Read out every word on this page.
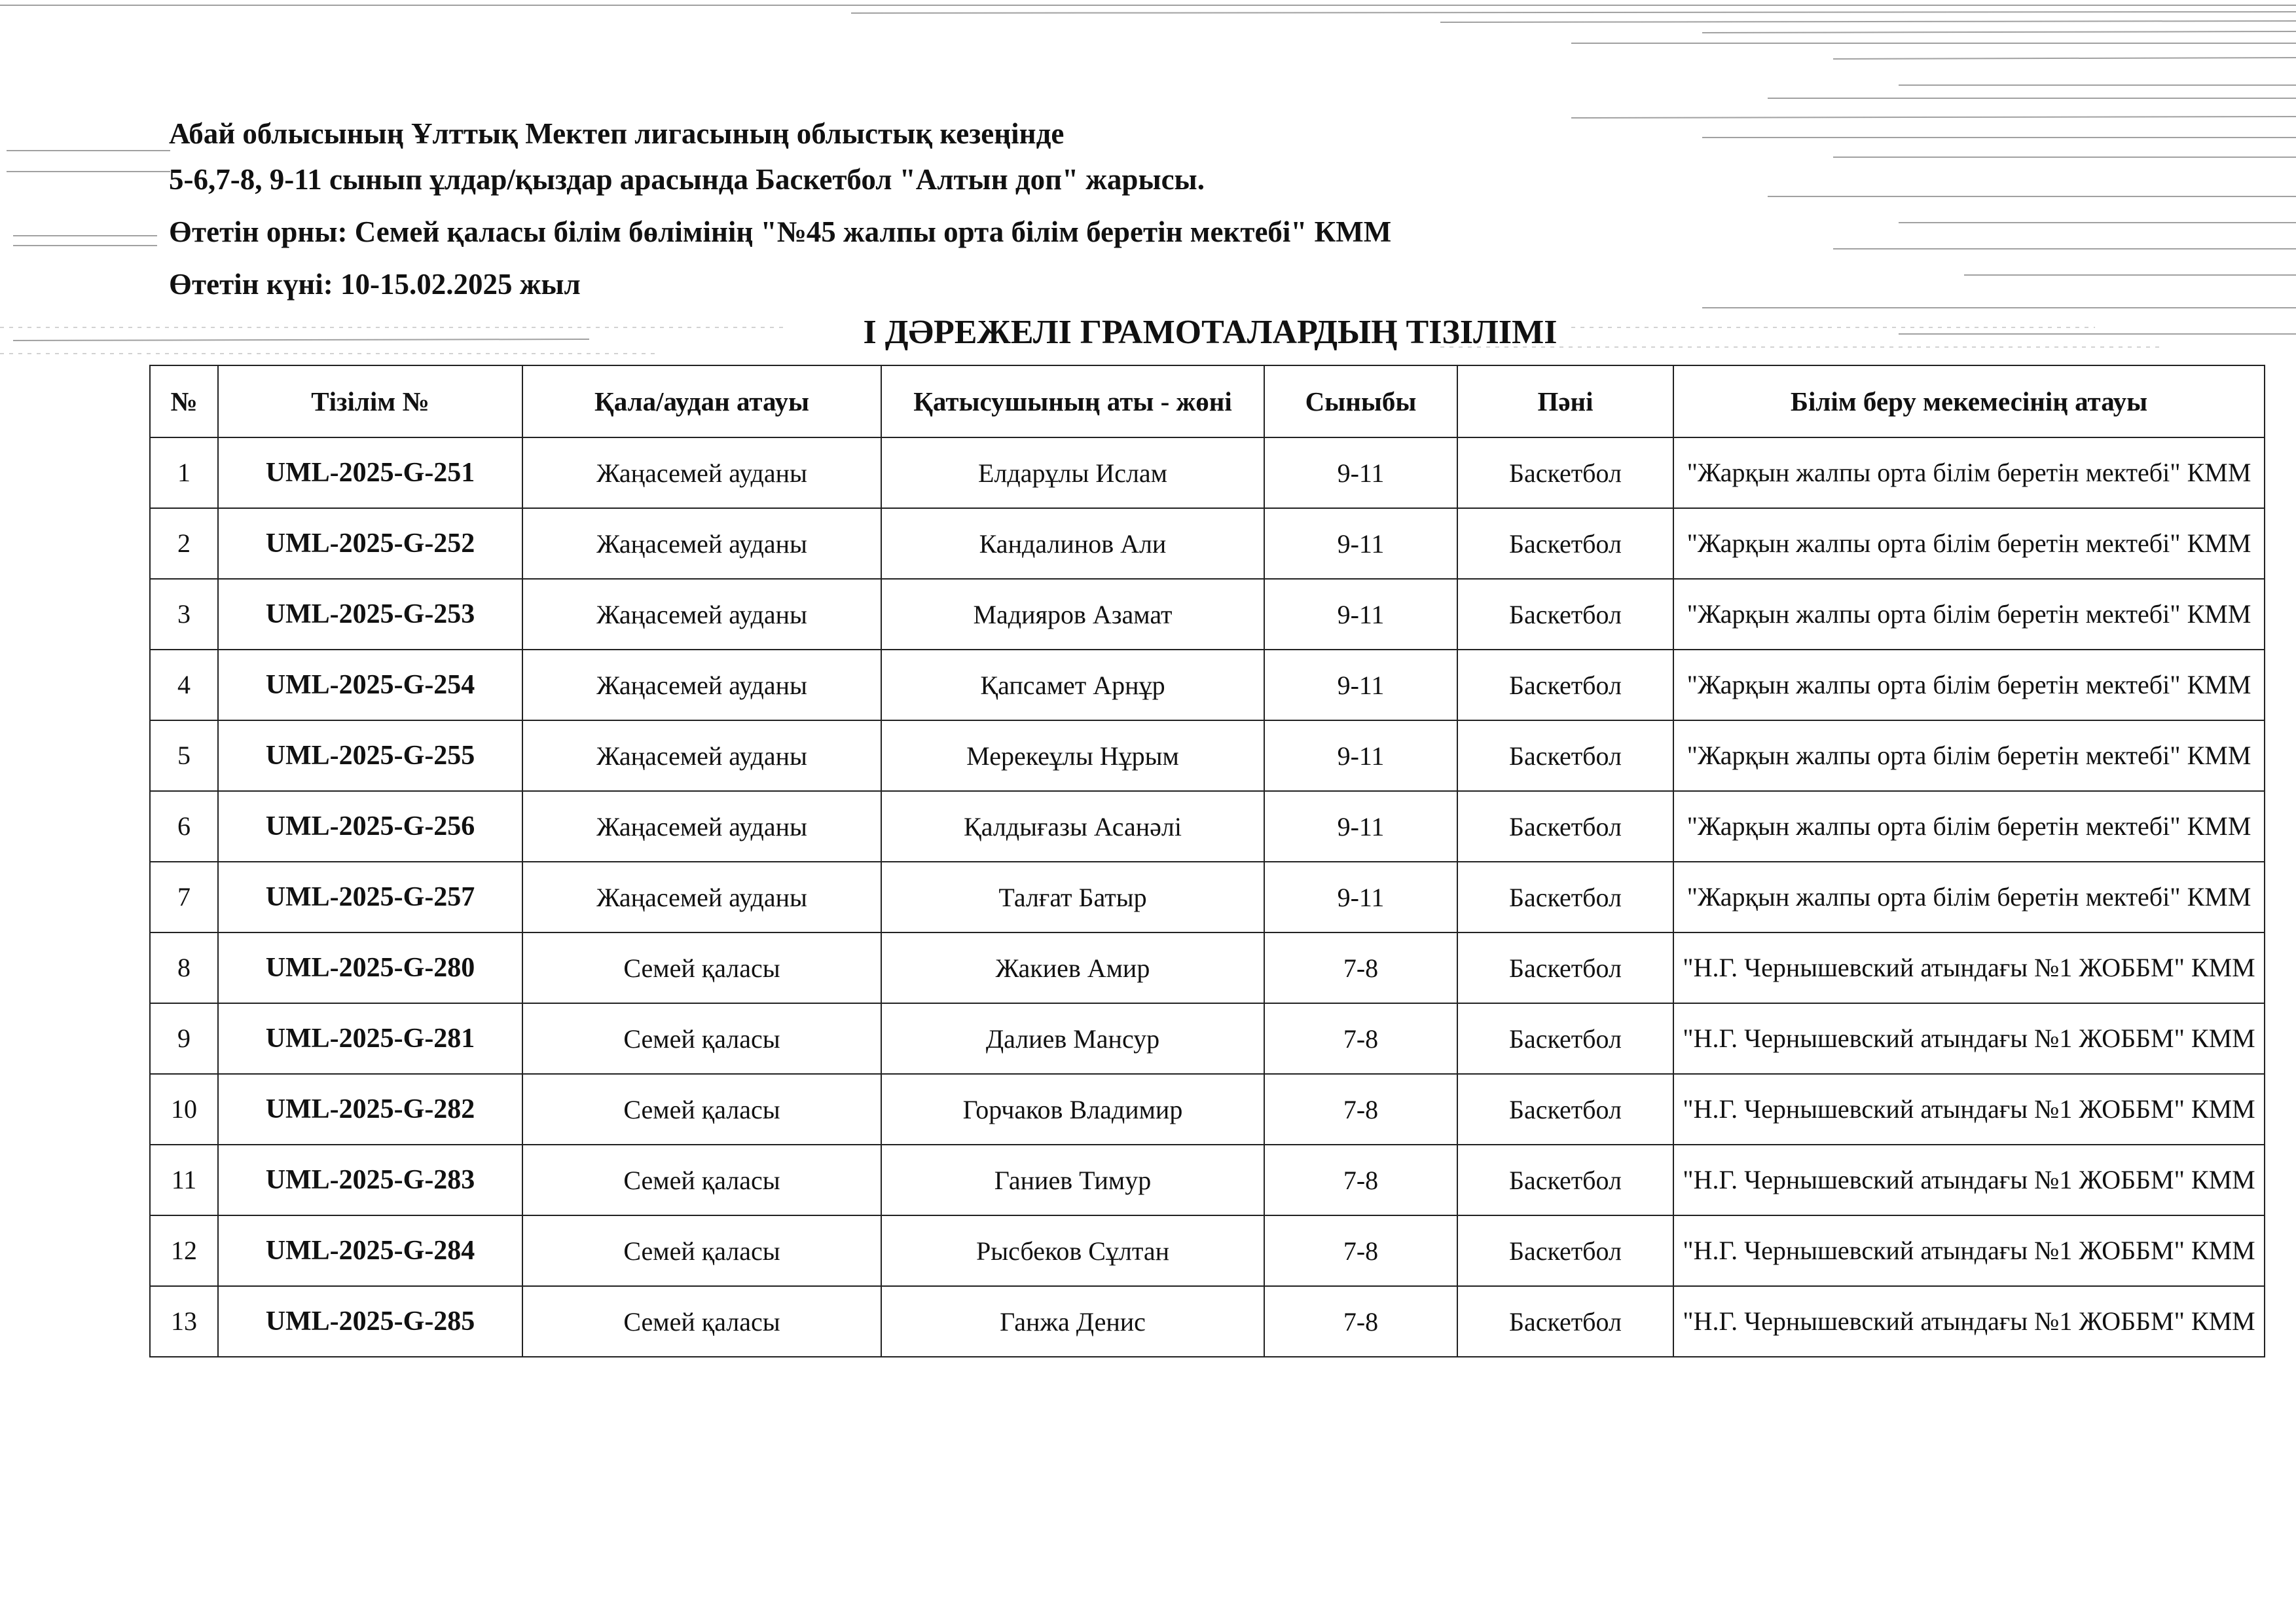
Абай облысының Ұлттық Мектеп лигасының облыстық кезеңінде
5-6,7-8, 9-11 сынып ұлдар/қыздар арасында Баскетбол "Алтын доп" жарысы.
Өтетін орны: Семей қаласы білім бөлімінің "№45 жалпы орта білім беретін мектебі" КММ
Өтетін күні: 10-15.02.2025 жыл
І ДӘРЕЖЕЛІ ГРАМОТАЛАРДЫҢ ТІЗІЛІМІ
№	Тізілім №	Қала/аудан атауы	Қатысушының аты - жөні	Сыныбы	Пәні	Білім беру мекемесінің атауы
1	UML-2025-G-251	Жаңасемей ауданы	Елдарұлы Ислам	9-11	Баскетбол	"Жарқын жалпы орта білім беретін мектебі" КММ
2	UML-2025-G-252	Жаңасемей ауданы	Кандалинов Али	9-11	Баскетбол	"Жарқын жалпы орта білім беретін мектебі" КММ
3	UML-2025-G-253	Жаңасемей ауданы	Мадияров Азамат	9-11	Баскетбол	"Жарқын жалпы орта білім беретін мектебі" КММ
4	UML-2025-G-254	Жаңасемей ауданы	Қапсамет Арнұр	9-11	Баскетбол	"Жарқын жалпы орта білім беретін мектебі" КММ
5	UML-2025-G-255	Жаңасемей ауданы	Мерекеұлы Нұрым	9-11	Баскетбол	"Жарқын жалпы орта білім беретін мектебі" КММ
6	UML-2025-G-256	Жаңасемей ауданы	Қалдығазы Асанәлі	9-11	Баскетбол	"Жарқын жалпы орта білім беретін мектебі" КММ
7	UML-2025-G-257	Жаңасемей ауданы	Талғат Батыр	9-11	Баскетбол	"Жарқын жалпы орта білім беретін мектебі" КММ
8	UML-2025-G-280	Семей қаласы	Жакиев Амир	7-8	Баскетбол	"Н.Г. Чернышевский атындағы №1 ЖОББМ" КММ
9	UML-2025-G-281	Семей қаласы	Далиев Мансур	7-8	Баскетбол	"Н.Г. Чернышевский атындағы №1 ЖОББМ" КММ
10	UML-2025-G-282	Семей қаласы	Горчаков Владимир	7-8	Баскетбол	"Н.Г. Чернышевский атындағы №1 ЖОББМ" КММ
11	UML-2025-G-283	Семей қаласы	Ганиев Тимур	7-8	Баскетбол	"Н.Г. Чернышевский атындағы №1 ЖОББМ" КММ
12	UML-2025-G-284	Семей қаласы	Рысбеков Сұлтан	7-8	Баскетбол	"Н.Г. Чернышевский атындағы №1 ЖОББМ" КММ
13	UML-2025-G-285	Семей қаласы	Ганжа Денис	7-8	Баскетбол	"Н.Г. Чернышевский атындағы №1 ЖОББМ" КММ
